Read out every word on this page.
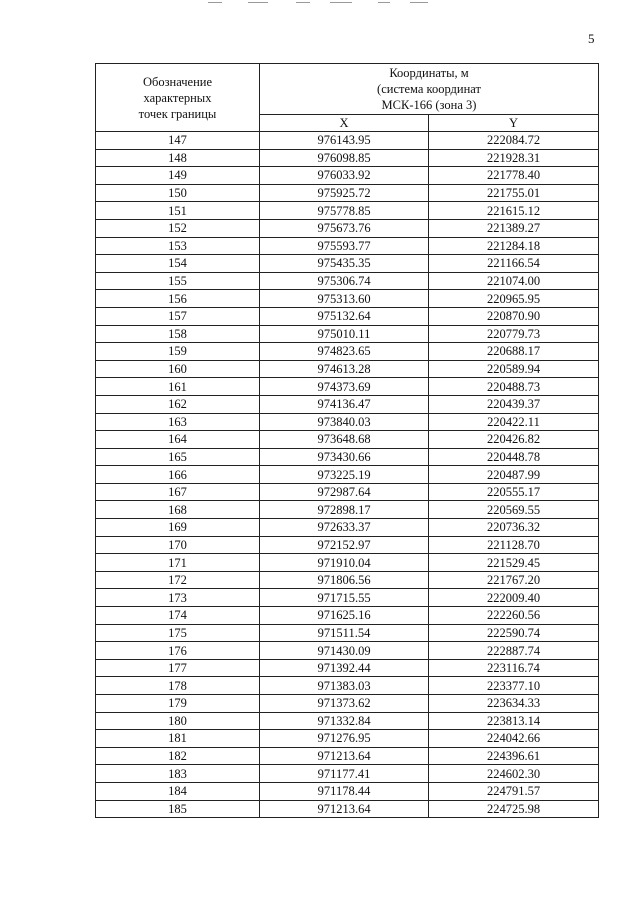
5
Обозначение
характерных
точек границы	Координаты, м
(система координат
МСК-166 (зона 3)	

	X	Y
147	976143.95	222084.72
148	976098.85	221928.31
149	976033.92	221778.40
150	975925.72	221755.01
151	975778.85	221615.12
152	975673.76	221389.27
153	975593.77	221284.18
154	975435.35	221166.54
155	975306.74	221074.00
156	975313.60	220965.95
157	975132.64	220870.90
158	975010.11	220779.73
159	974823.65	220688.17
160	974613.28	220589.94
161	974373.69	220488.73
162	974136.47	220439.37
163	973840.03	220422.11
164	973648.68	220426.82
165	973430.66	220448.78
166	973225.19	220487.99
167	972987.64	220555.17
168	972898.17	220569.55
169	972633.37	220736.32
170	972152.97	221128.70
171	971910.04	221529.45
172	971806.56	221767.20
173	971715.55	222009.40
174	971625.16	222260.56
175	971511.54	222590.74
176	971430.09	222887.74
177	971392.44	223116.74
178	971383.03	223377.10
179	971373.62	223634.33
180	971332.84	223813.14
181	971276.95	224042.66
182	971213.64	224396.61
183	971177.41	224602.30
184	971178.44	224791.57
185	971213.64	224725.98
